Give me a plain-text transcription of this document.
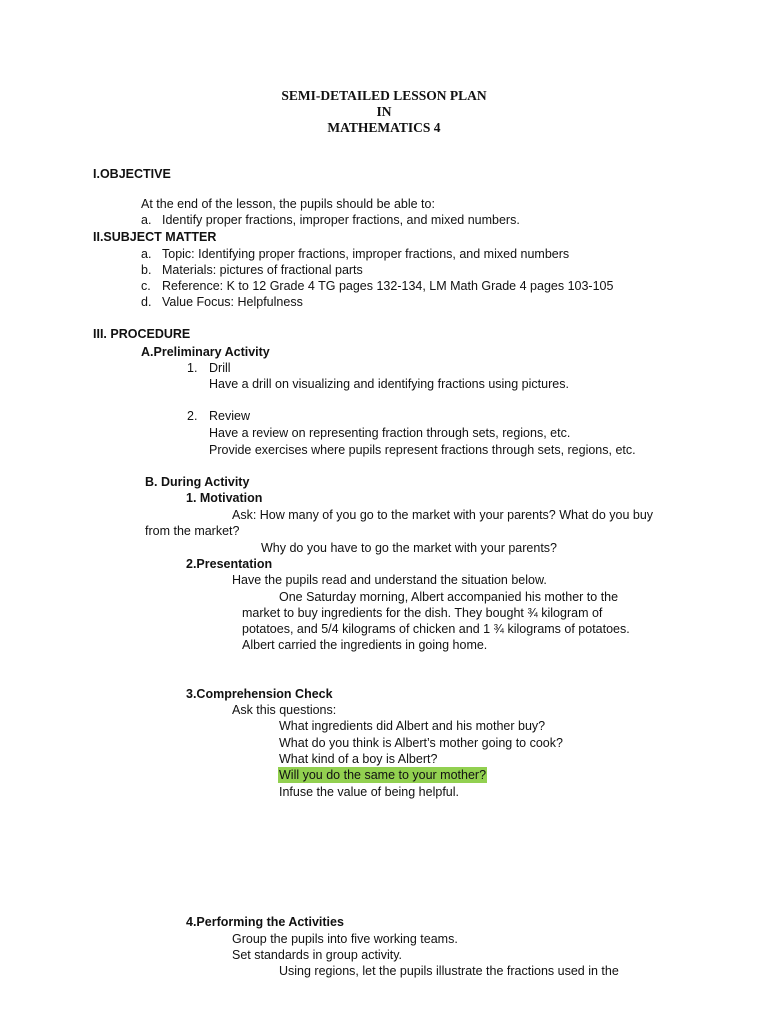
SEMI-DETAILED LESSON PLAN
IN
MATHEMATICS 4
I.OBJECTIVE
At the end of the lesson, the pupils should be able to:
a. Identify proper fractions, improper fractions, and mixed numbers.
II.SUBJECT MATTER
a. Topic: Identifying proper fractions, improper fractions, and mixed numbers
b. Materials: pictures of fractional parts
c. Reference: K to 12 Grade 4 TG pages 132-134, LM Math Grade 4 pages 103-105
d. Value Focus: Helpfulness
III. PROCEDURE
A.Preliminary Activity
1. Drill
Have a drill on visualizing and identifying fractions using pictures.
2. Review
Have a review on representing fraction through sets, regions, etc.
Provide exercises where pupils represent fractions through sets, regions, etc.
B. During Activity
1. Motivation
Ask: How many of you go to the market with your parents? What do you buy
from the market?
Why do you have to go the market with your parents?
2.Presentation
Have the pupils read and understand the situation below.
One Saturday morning, Albert accompanied his mother to the
market to buy ingredients for the dish. They bought ¾ kilogram of
potatoes, and 5/4 kilograms of chicken and 1 ¾ kilograms of potatoes.
Albert carried the ingredients in going home.
3.Comprehension Check
Ask this questions:
What ingredients did Albert and his mother buy?
What do you think is Albert’s mother going to cook?
What kind of a boy is Albert?
Will you do the same to your mother?
Infuse the value of being helpful.
4.Performing the Activities
Group the pupils into five working teams.
Set standards in group activity.
Using regions, let the pupils illustrate the fractions used in the
